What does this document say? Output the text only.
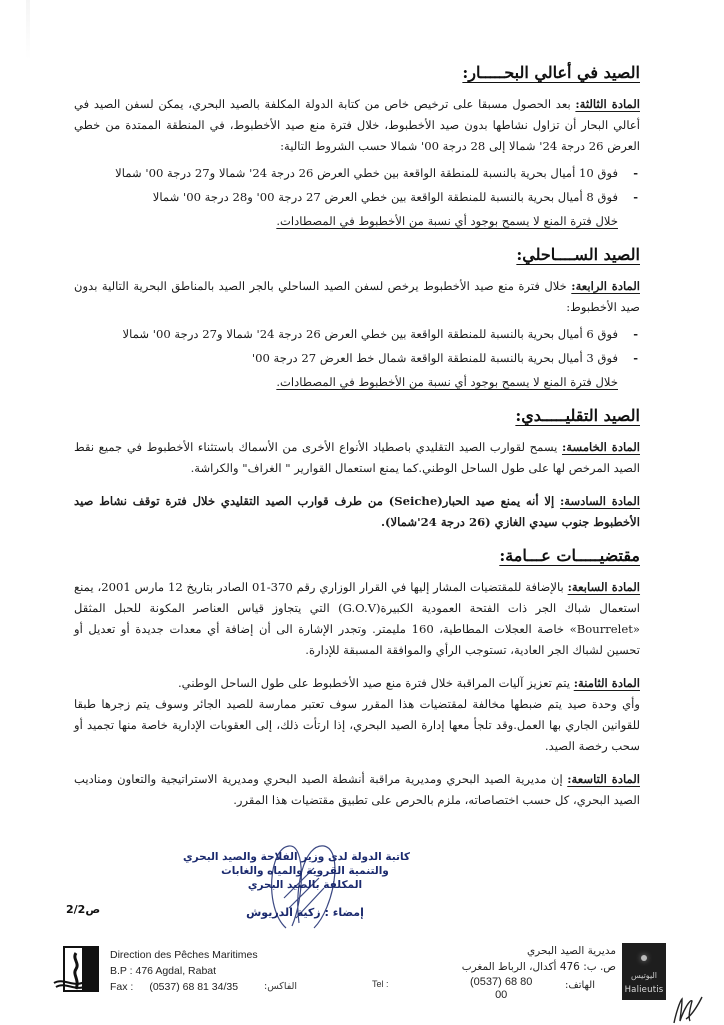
الصيد في أعالي البحـــــار:
المادة الثالثة: بعد الحصول مسبقا على ترخيص خاص من كتابة الدولة المكلفة بالصيد البحري، يمكن لسفن الصيد في أعالي البحار أن تزاول نشاطها بدون صيد الأخطبوط، خلال فترة منع صيد الأخطبوط، في المنطقة الممتدة من خطي العرض 26 درجة 24' شمالا إلى 28 درجة 00' شمالا حسب الشروط التالية:
-
فوق 10 أميال بحرية بالنسبة للمنطقة الواقعة بين خطي العرض 26 درجة 24' شمالا و27 درجة 00' شمالا
-
فوق 8 أميال بحرية بالنسبة للمنطقة الواقعة بين خطي العرض 27 درجة 00' و28 درجة 00' شمالا
خلال فترة المنع لا يسمح بوجود أي نسبة من الأخطبوط في المصطادات.
الصيد الســــاحلي:
المادة الرابعة: خلال فترة منع صيد الأخطبوط يرخص لسفن الصيد الساحلي بالجر الصيد بالمناطق البحرية التالية بدون صيد الأخطبوط:
-
فوق 6 أميال بحرية بالنسبة للمنطقة الواقعة بين خطي العرض 26 درجة 24' شمالا و27 درجة 00' شمالا
-
فوق 3 أميال بحرية بالنسبة للمنطقة الواقعة شمال خط العرض 27 درجة 00'
خلال فترة المنع لا يسمح بوجود أي نسبة من الأخطبوط في المصطادات.
الصيد التقليـــــدي:
المادة الخامسة: يسمح لقوارب الصيد التقليدي باصطياد الأنواع الأخرى من الأسماك باستثناء الأخطبوط في جميع نقط الصيد المرخص لها على طول الساحل الوطني.كما يمنع استعمال القوارير " الغراف" والكراشة.
المادة السادسة: إلا أنه يمنع صيد الحبار(Seiche) من طرف قوارب الصيد التقليدي خلال فترة توقف نشاط صيد الأخطبوط جنوب سيدي الغازي (26 درجة 24'شمالا).
مقتضيـــــات عـــامة:
المادة السابعة: بالإضافة للمقتضيات المشار إليها في القرار الوزاري رقم 370-01 الصادر بتاريخ 12 مارس 2001، يمنع استعمال شباك الجر ذات الفتحة العمودية الكبيرة(G.O.V) التي يتجاوز قياس العناصر المكونة للحبل المثقل «Bourrelet» خاصة العجلات المطاطية، 160 مليمتر. وتجدر الإشارة الى أن إضافة أي معدات جديدة أو تعديل أو تحسين لشباك الجر العادية، تستوجب الرأي والموافقة المسبقة للإدارة.
المادة الثامنة: يتم تعزيز آليات المراقبة خلال فترة منع صيد الأخطبوط على طول الساحل الوطني.
وأي وحدة صيد يتم ضبطها مخالفة لمقتضيات هذا المقرر سوف تعتبر ممارسة للصيد الجائر وسوف يتم زجرها طبقا للقوانين الجاري بها العمل.وقد تلجأ معها إدارة الصيد البحري، إذا ارتأت ذلك، إلى العقوبات الإدارية خاصة منها تجميد أو سحب رخصة الصيد.
المادة التاسعة: إن مديرية الصيد البحري ومديرية مراقبة أنشطة الصيد البحري ومديرية الاستراتيجية والتعاون ومناديب الصيد البحري، كل حسب اختصاصاته، ملزم بالحرص على تطبيق مقتضيات هذا المقرر.
كاتبة الدولة لدى وزير الفلاحة والصيد البحري
والتنمية القروية والمياه والغابات
المكلفة بالصيد البحري
إمضاء : زكية الدريوش
ص2/2
Direction des Pêches Maritimes
B.P : 476 Agdal, Rabat
Fax : (0537) 68 81 34/35	الفاكس:	Tel :
مديرية الصيد البحري
ص. ب: 476 أكدال، الرباط المغرب
الهاتف:
(0537) 68 80
00
اليوتيس
Halieutis
